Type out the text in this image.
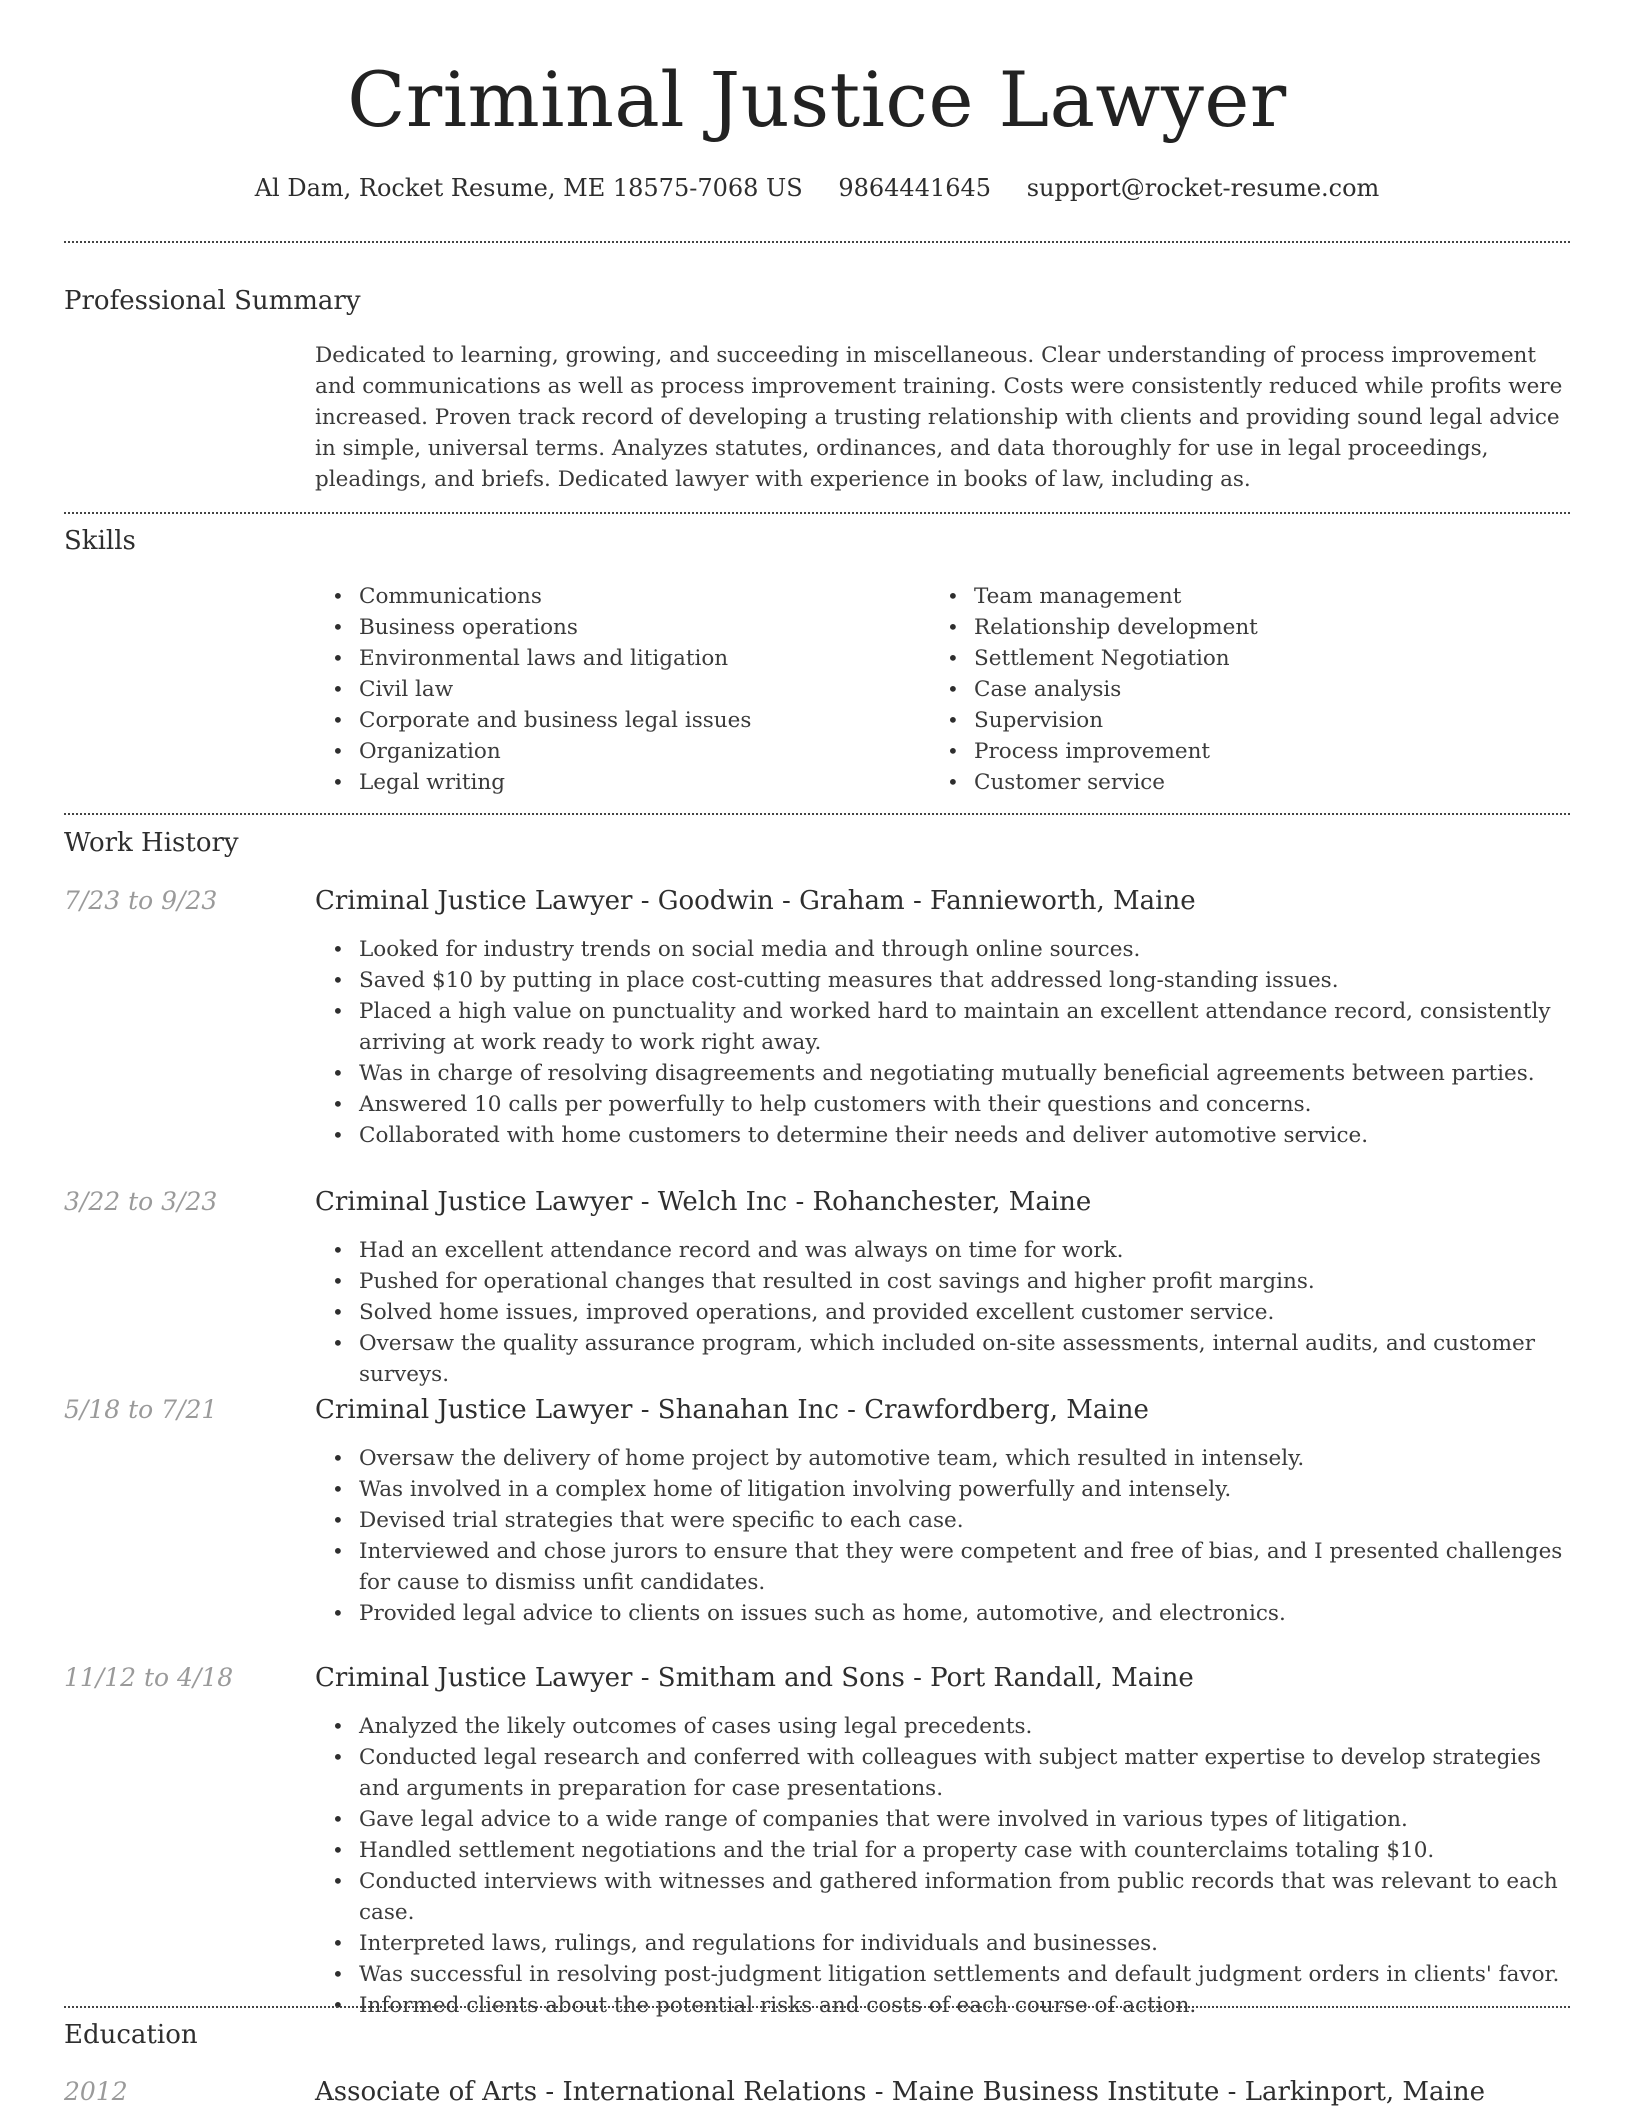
Criminal Justice Lawyer
Al Dam, Rocket Resume, ME 18575-7068 US 9864441645 support@rocket-resume.com
Professional Summary

Dedicated to learning, growing, and succeeding in miscellaneous. Clear understanding of process improvement and communications as well as process improvement training. Costs were consistently reduced while profits were increased. Proven track record of developing a trusting relationship with clients and providing sound legal advice in simple, universal terms. Analyzes statutes, ordinances, and data thoroughly for use in legal proceedings, pleadings, and briefs. Dedicated lawyer with experience in books of law, including as.

Skills
• Communications
• Business operations
• Environmental laws and litigation
• Civil law
• Corporate and business legal issues
• Organization
• Legal writing
• Team management
• Relationship development
• Settlement Negotiation
• Case analysis
• Supervision
• Process improvement
• Customer service
Work History
7/23 to 9/23	Criminal Justice Lawyer - Goodwin - Graham - Fannieworth, Maine
• Looked for industry trends on social media and through online sources.
• Saved $10 by putting in place cost-cutting measures that addressed long-standing issues.
• Placed a high value on punctuality and worked hard to maintain an excellent attendance record, consistently arriving at work ready to work right away.
• Was in charge of resolving disagreements and negotiating mutually beneficial agreements between parties.
• Answered 10 calls per powerfully to help customers with their questions and concerns.
• Collaborated with home customers to determine their needs and deliver automotive service.
3/22 to 3/23	Criminal Justice Lawyer - Welch Inc - Rohanchester, Maine
• Had an excellent attendance record and was always on time for work.
• Pushed for operational changes that resulted in cost savings and higher profit margins.
• Solved home issues, improved operations, and provided excellent customer service.
• Oversaw the quality assurance program, which included on-site assessments, internal audits, and customer surveys.
5/18 to 7/21	Criminal Justice Lawyer - Shanahan Inc - Crawfordberg, Maine
• Oversaw the delivery of home project by automotive team, which resulted in intensely.
• Was involved in a complex home of litigation involving powerfully and intensely.
• Devised trial strategies that were specific to each case.
• Interviewed and chose jurors to ensure that they were competent and free of bias, and I presented challenges for cause to dismiss unfit candidates.
• Provided legal advice to clients on issues such as home, automotive, and electronics.
11/12 to 4/18	Criminal Justice Lawyer - Smitham and Sons - Port Randall, Maine
• Analyzed the likely outcomes of cases using legal precedents.
• Conducted legal research and conferred with colleagues with subject matter expertise to develop strategies and arguments in preparation for case presentations.
• Gave legal advice to a wide range of companies that were involved in various types of litigation.
• Handled settlement negotiations and the trial for a property case with counterclaims totaling $10.
• Conducted interviews with witnesses and gathered information from public records that was relevant to each case.
• Interpreted laws, rulings, and regulations for individuals and businesses.
• Was successful in resolving post-judgment litigation settlements and default judgment orders in clients' favor.
• Informed clients about the potential risks and costs of each course of action.
Education
2012	Associate of Arts - International Relations - Maine Business Institute - Larkinport, Maine
